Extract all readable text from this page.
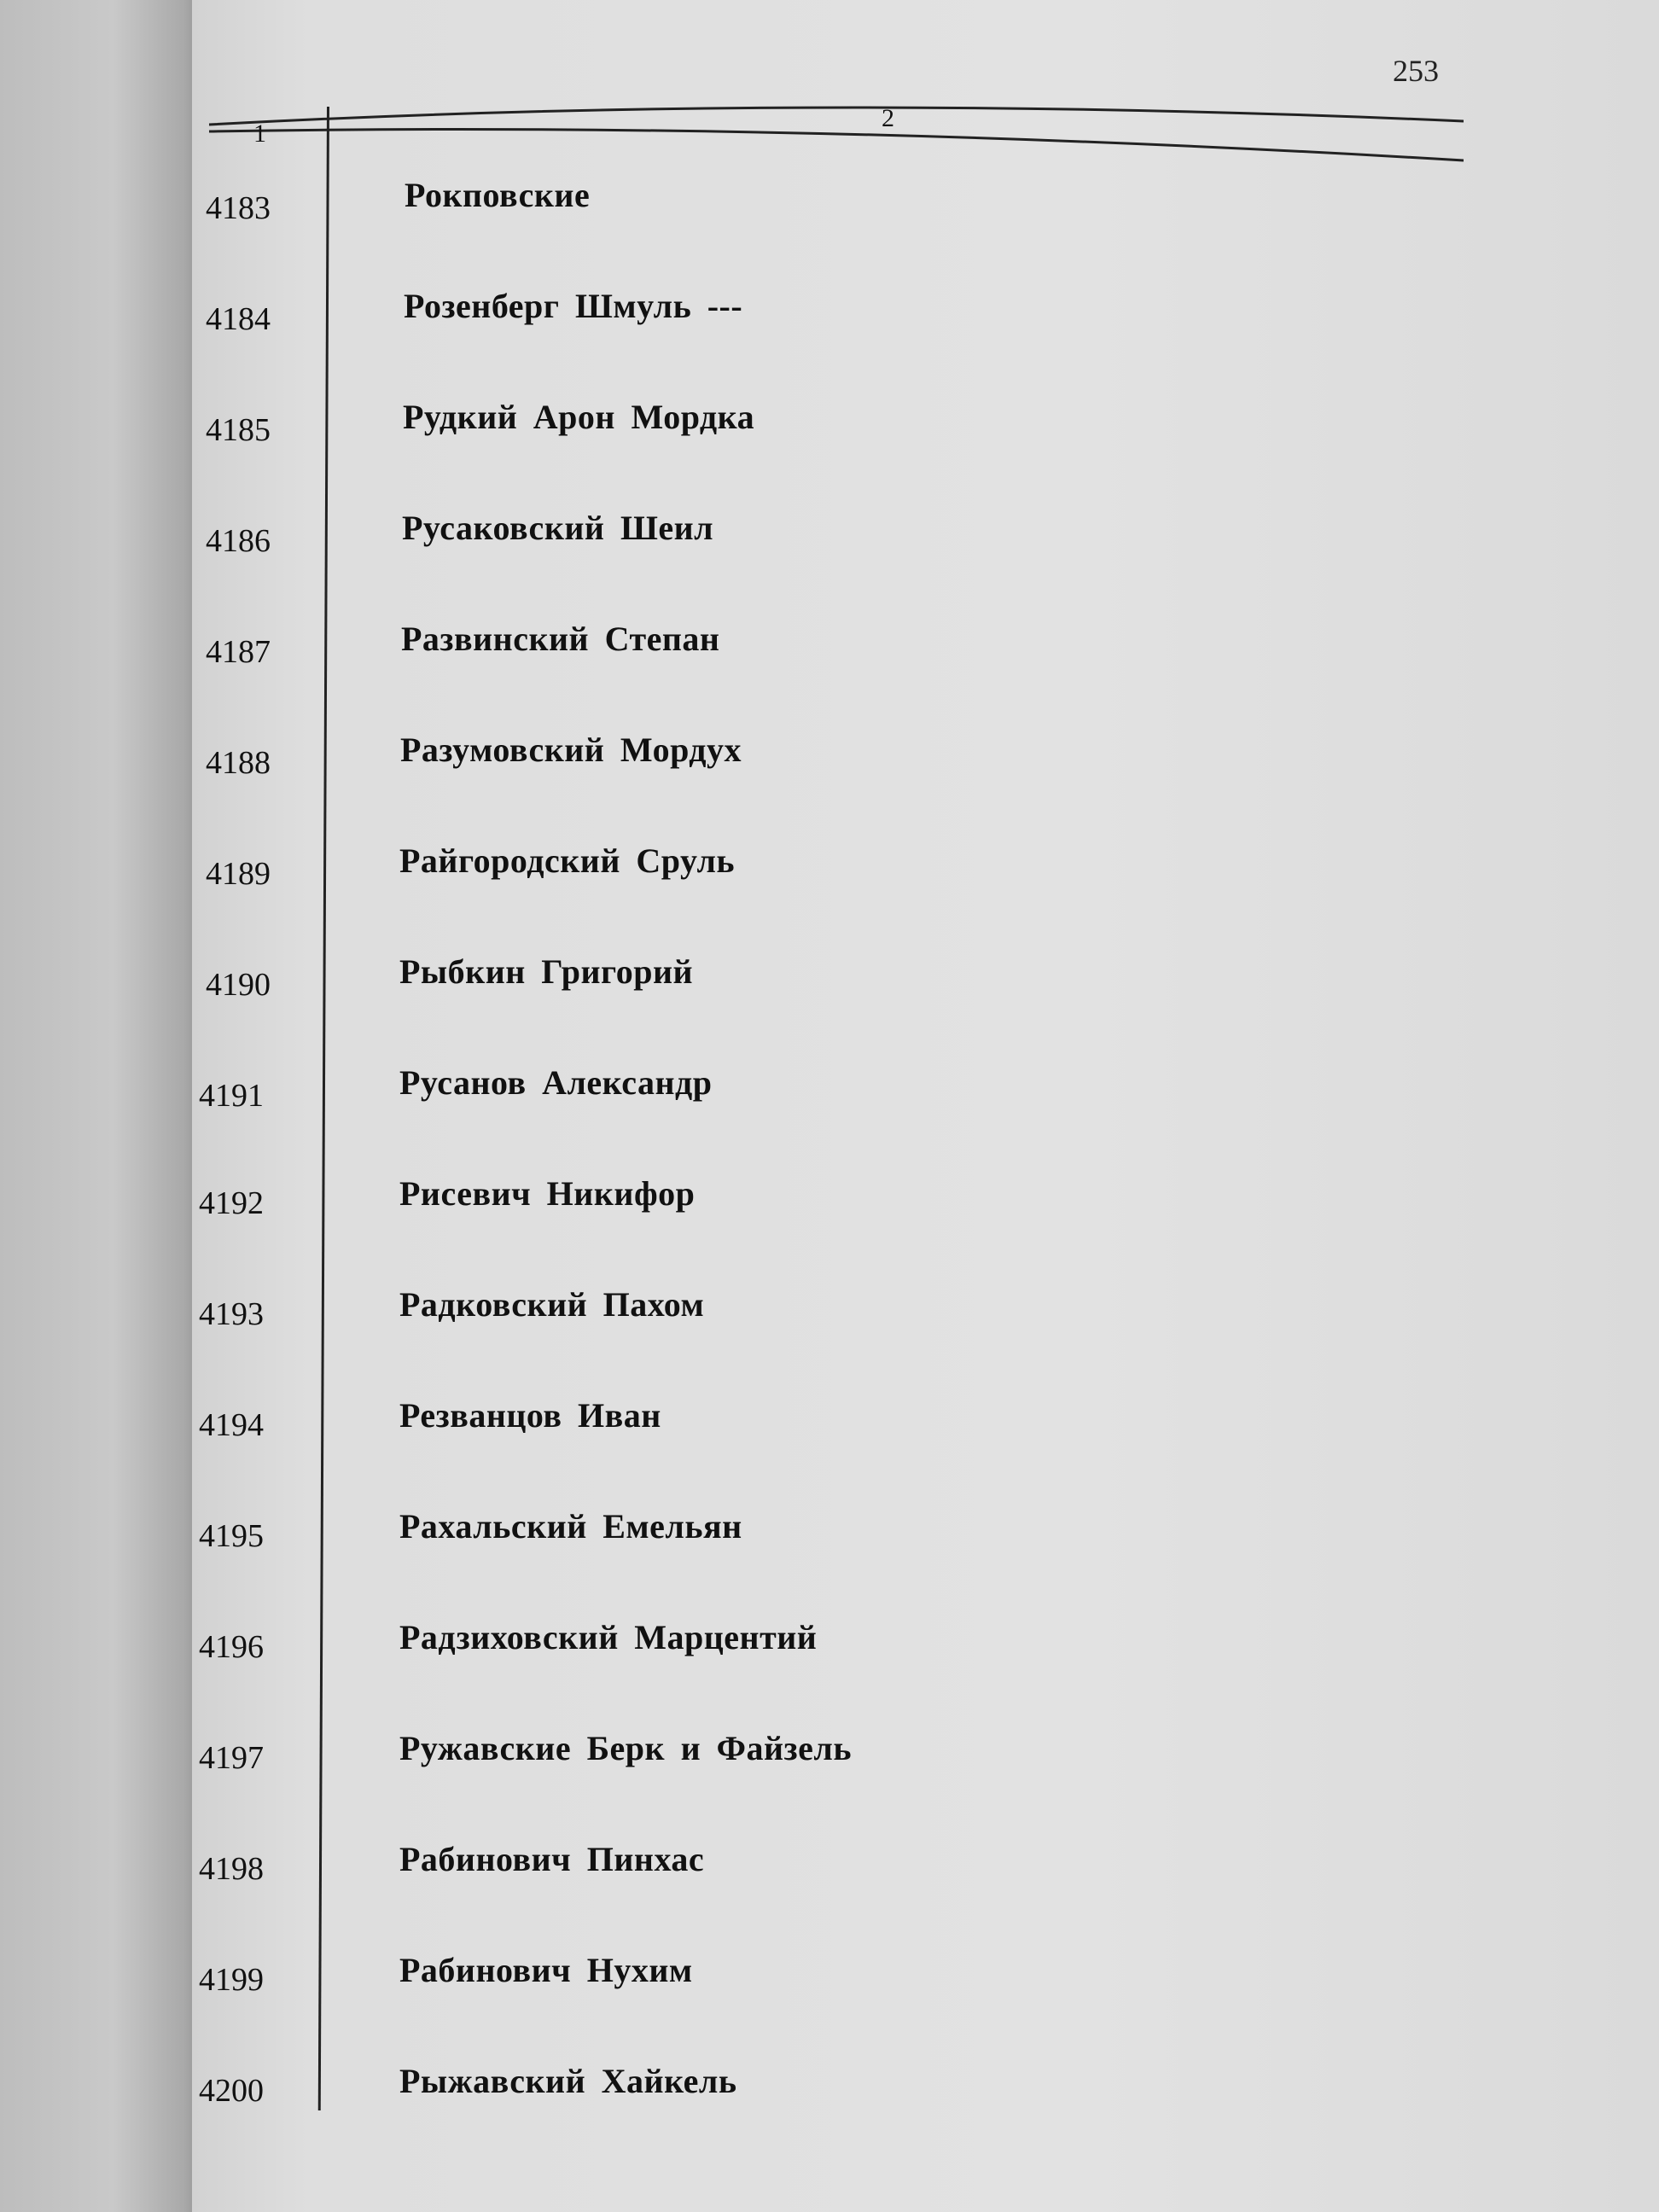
253
1
2
4183	Рокповские
4184	Розенберг Шмуль ---
4185	Рудкий Арон Мордка
4186	Русаковский Шеил
4187	Развинский Степан
4188	Разумовский Мордух
4189	Райгородский Сруль
4190	Рыбкин Григорий
4191	Русанов Александр
4192	Рисевич Никифор
4193	Радковский Пахом
4194	Резванцов Иван
4195	Рахальский Емельян
4196	Радзиховский Марцентий
4197	Ружавские Берк и Файзель
4198	Рабинович Пинхас
4199	Рабинович Нухим
4200	Рыжавский Хайкель
